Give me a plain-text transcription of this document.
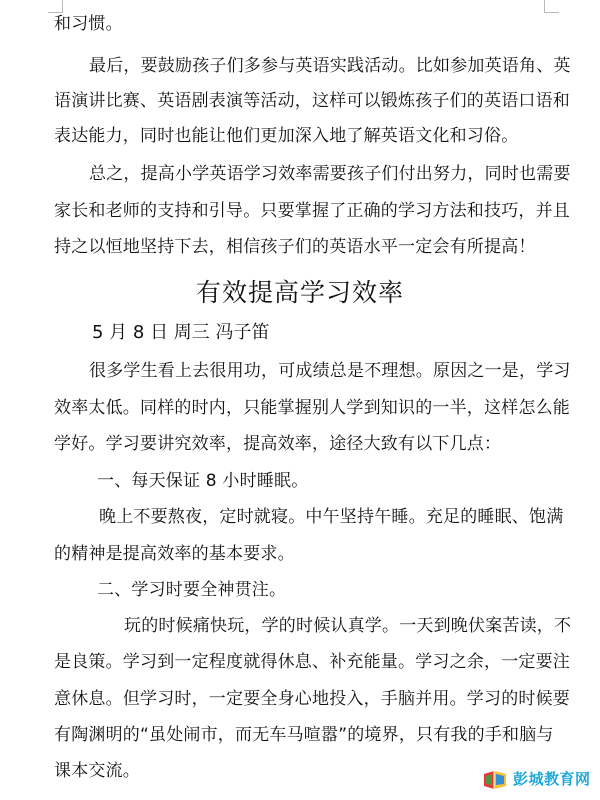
和习惯。
最后，要鼓励孩子们多参与英语实践活动。比如参加英语角、英
语演讲比赛、英语剧表演等活动，这样可以锻炼孩子们的英语口语和
表达能力，同时也能让他们更加深入地了解英语文化和习俗。
总之，提高小学英语学习效率需要孩子们付出努力，同时也需要
家长和老师的支持和引导。只要掌握了正确的学习方法和技巧，并且
持之以恒地坚持下去，相信孩子们的英语水平一定会有所提高！
有效提高学习效率
5 月 8 日 周三 冯子笛
很多学生看上去很用功，可成绩总是不理想。原因之一是，学习
效率太低。同样的时内，只能掌握别人学到知识的一半，这样怎么能
学好。学习要讲究效率，提高效率，途径大致有以下几点：
一、每天保证 8 小时睡眠。
晚上不要熬夜，定时就寝。中午坚持午睡。充足的睡眠、饱满
的精神是提高效率的基本要求。
二、学习时要全神贯注。
玩的时候痛快玩，学的时候认真学。一天到晚伏案苦读，不
是良策。学习到一定程度就得休息、补充能量。学习之余，一定要注
意休息。但学习时，一定要全身心地投入，手脑并用。学习的时候要
有陶渊明的“虽处闹市，而无车马喧嚣”的境界，只有我的手和脑与
课本交流。	彭城教育网
